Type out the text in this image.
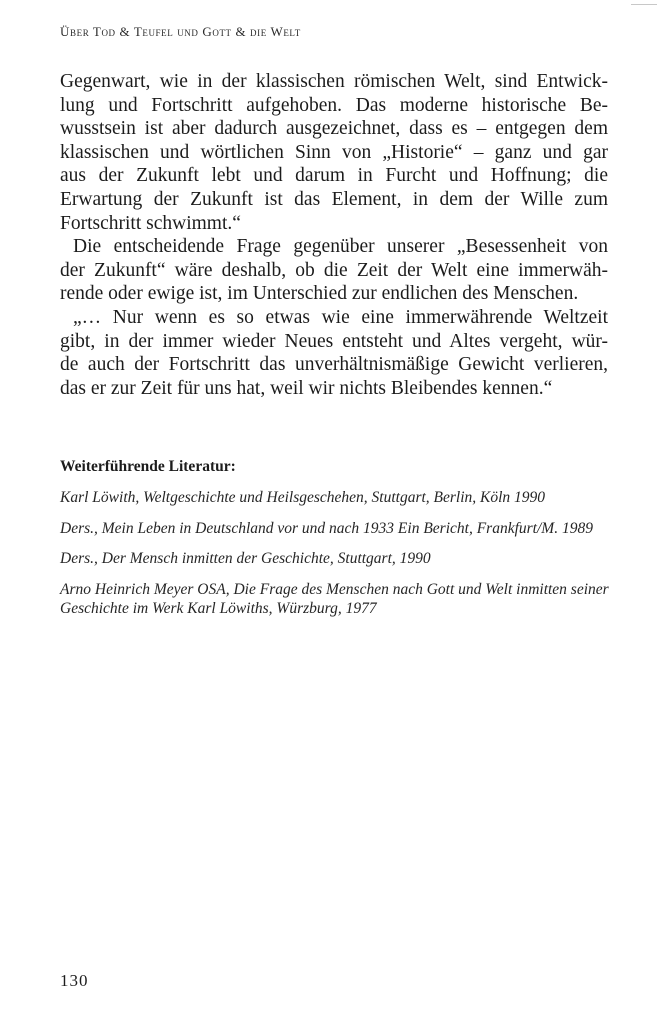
Über Tod & Teufel und Gott & die Welt
Gegenwart, wie in der klassischen römischen Welt, sind Entwick-
lung und Fortschritt aufgehoben. Das moderne historische Be-
wusstsein ist aber dadurch ausgezeichnet, dass es – entgegen dem
klassischen und wörtlichen Sinn von „Historie“ – ganz und gar
aus der Zukunft lebt und darum in Furcht und Hoffnung; die
Erwartung der Zukunft ist das Element, in dem der Wille zum
Fortschritt schwimmt.“
Die entscheidende Frage gegenüber unserer „Besessenheit von
der Zukunft“ wäre deshalb, ob die Zeit der Welt eine immerwäh-
rende oder ewige ist, im Unterschied zur endlichen des Menschen.
„… Nur wenn es so etwas wie eine immerwährende Weltzeit
gibt, in der immer wieder Neues entsteht und Altes vergeht, wür-
de auch der Fortschritt das unverhältnismäßige Gewicht verlieren,
das er zur Zeit für uns hat, weil wir nichts Bleibendes kennen.“

Weiterführende Literatur:

Karl Löwith, Weltgeschichte und Heilsgeschehen, Stuttgart, Berlin, Köln 1990

Ders., Mein Leben in Deutschland vor und nach 1933 Ein Bericht, Frankfurt/M. 1989

Ders., Der Mensch inmitten der Geschichte, Stuttgart, 1990

Arno Heinrich Meyer OSA, Die Frage des Menschen nach Gott und Welt inmitten seiner Geschichte im Werk Karl Löwiths, Würzburg, 1977

130
